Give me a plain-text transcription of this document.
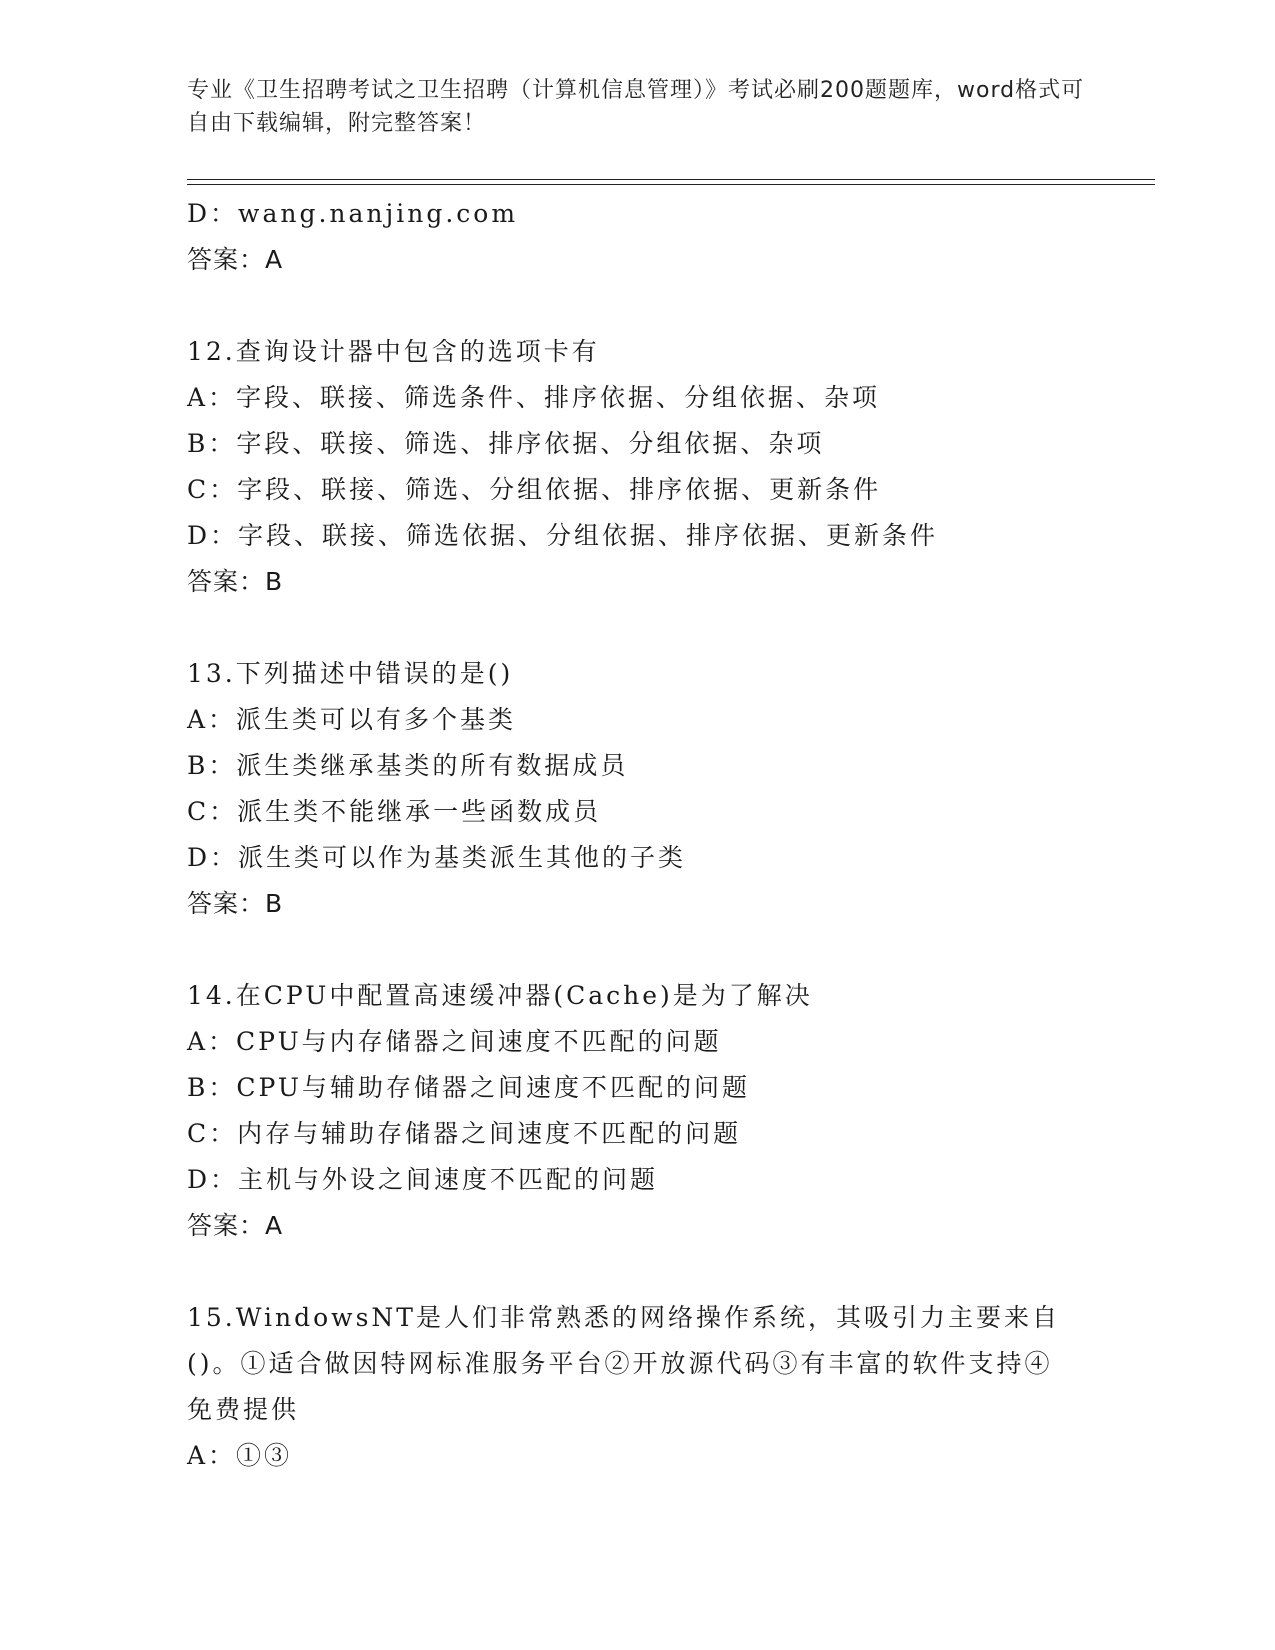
专业《卫生招聘考试之卫生招聘（计算机信息管理）》考试必刷200题题库，word格式可自由下载编辑，附完整答案！
D：wang.nanjing.com
答案：A
12.查询设计器中包含的选项卡有
A：字段、联接、筛选条件、排序依据、分组依据、杂项
B：字段、联接、筛选、排序依据、分组依据、杂项
C：字段、联接、筛选、分组依据、排序依据、更新条件
D：字段、联接、筛选依据、分组依据、排序依据、更新条件
答案：B
13.下列描述中错误的是()
A：派生类可以有多个基类
B：派生类继承基类的所有数据成员
C：派生类不能继承一些函数成员
D：派生类可以作为基类派生其他的子类
答案：B
14.在CPU中配置高速缓冲器(Cache)是为了解决
A：CPU与内存储器之间速度不匹配的问题
B：CPU与辅助存储器之间速度不匹配的问题
C：内存与辅助存储器之间速度不匹配的问题
D：主机与外设之间速度不匹配的问题
答案：A
15.WindowsNT是人们非常熟悉的网络操作系统，其吸引力主要来自()。①适合做因特网标准服务平台②开放源代码③有丰富的软件支持④免费提供
A：①③
